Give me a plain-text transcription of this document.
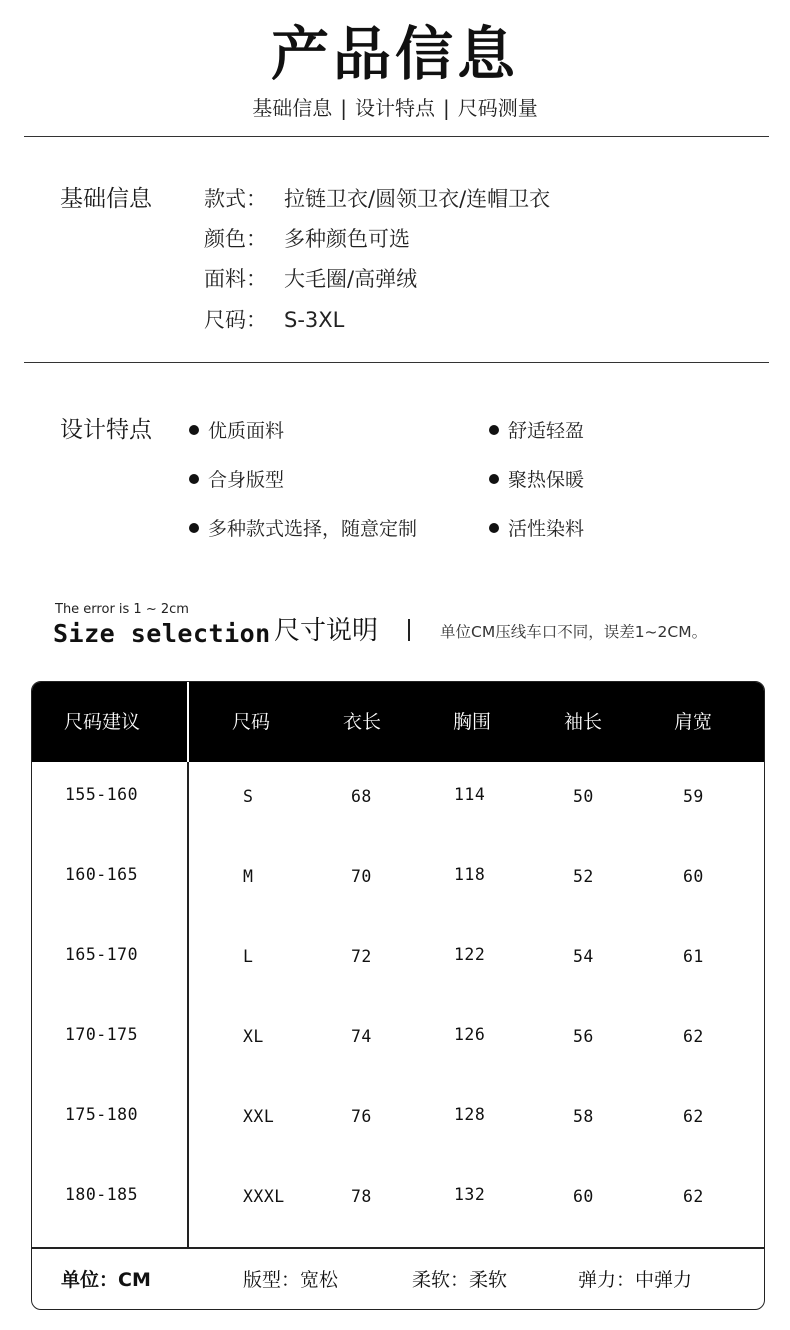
产品信息
基础信息 | 设计特点 | 尺码测量
基础信息 款式： 拉链卫衣/圆领卫衣/连帽卫衣
颜色： 多种颜色可选
面料： 大毛圈/高弹绒
尺码： S-3XL
设计特点	优质面料
合身版型
多种款式选择，随意定制
舒适轻盈
聚热保暖
活性染料
The error is 1 ~ 2cm
Size selection 尺寸说明	单位CM压线车口不同，误差1~2CM。
尺码建议	尺码	衣长	胸围	袖长	肩宽
155-160	S	68	114	50	59
160-165	M	70	118	52	60
165-170	L	72	122	54	61
170-175	XL	74	126	56	62
175-180	XXL	76	128	58	62
180-185	XXXL	78	132	60	62
单位：CM	版型：宽松	柔软：柔软	弹力：中弹力
